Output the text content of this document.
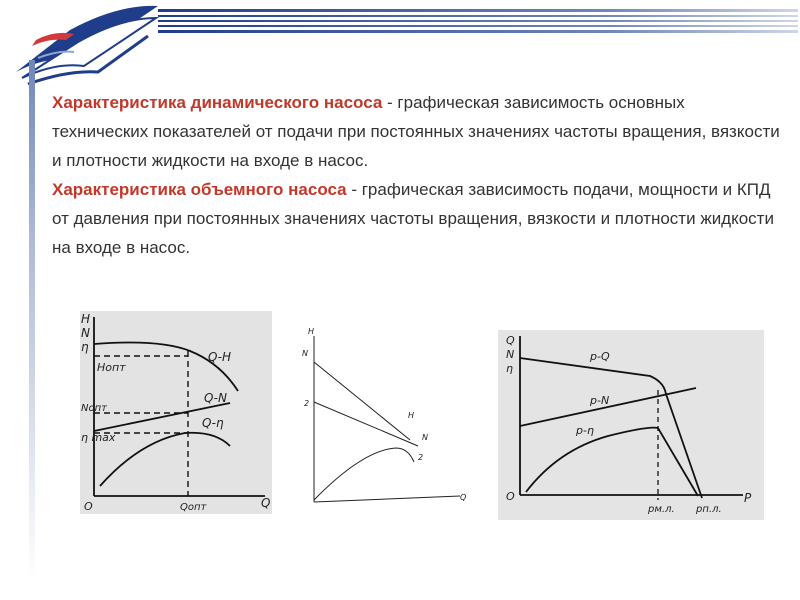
Характеристика динамического насоса - графическая зависимость основных технических показателей от подачи при постоянных значениях частоты вращения, вязкости и плотности жидкости на входе в насос.

Характеристика объемного насоса - графическая зависимость подачи, мощности и КПД от давления при постоянных значениях частоты вращения, вязкости и плотности жидкости на входе в насос.

H
N
η
Hопт
Nопт
η max
Q-H
Q-N
Q-η
O	Qопт	Q
H
N
2
H
N
2
Q
Q
N
η
p-Q
p-N
p-η
O
pм.л. pп.л.
P
